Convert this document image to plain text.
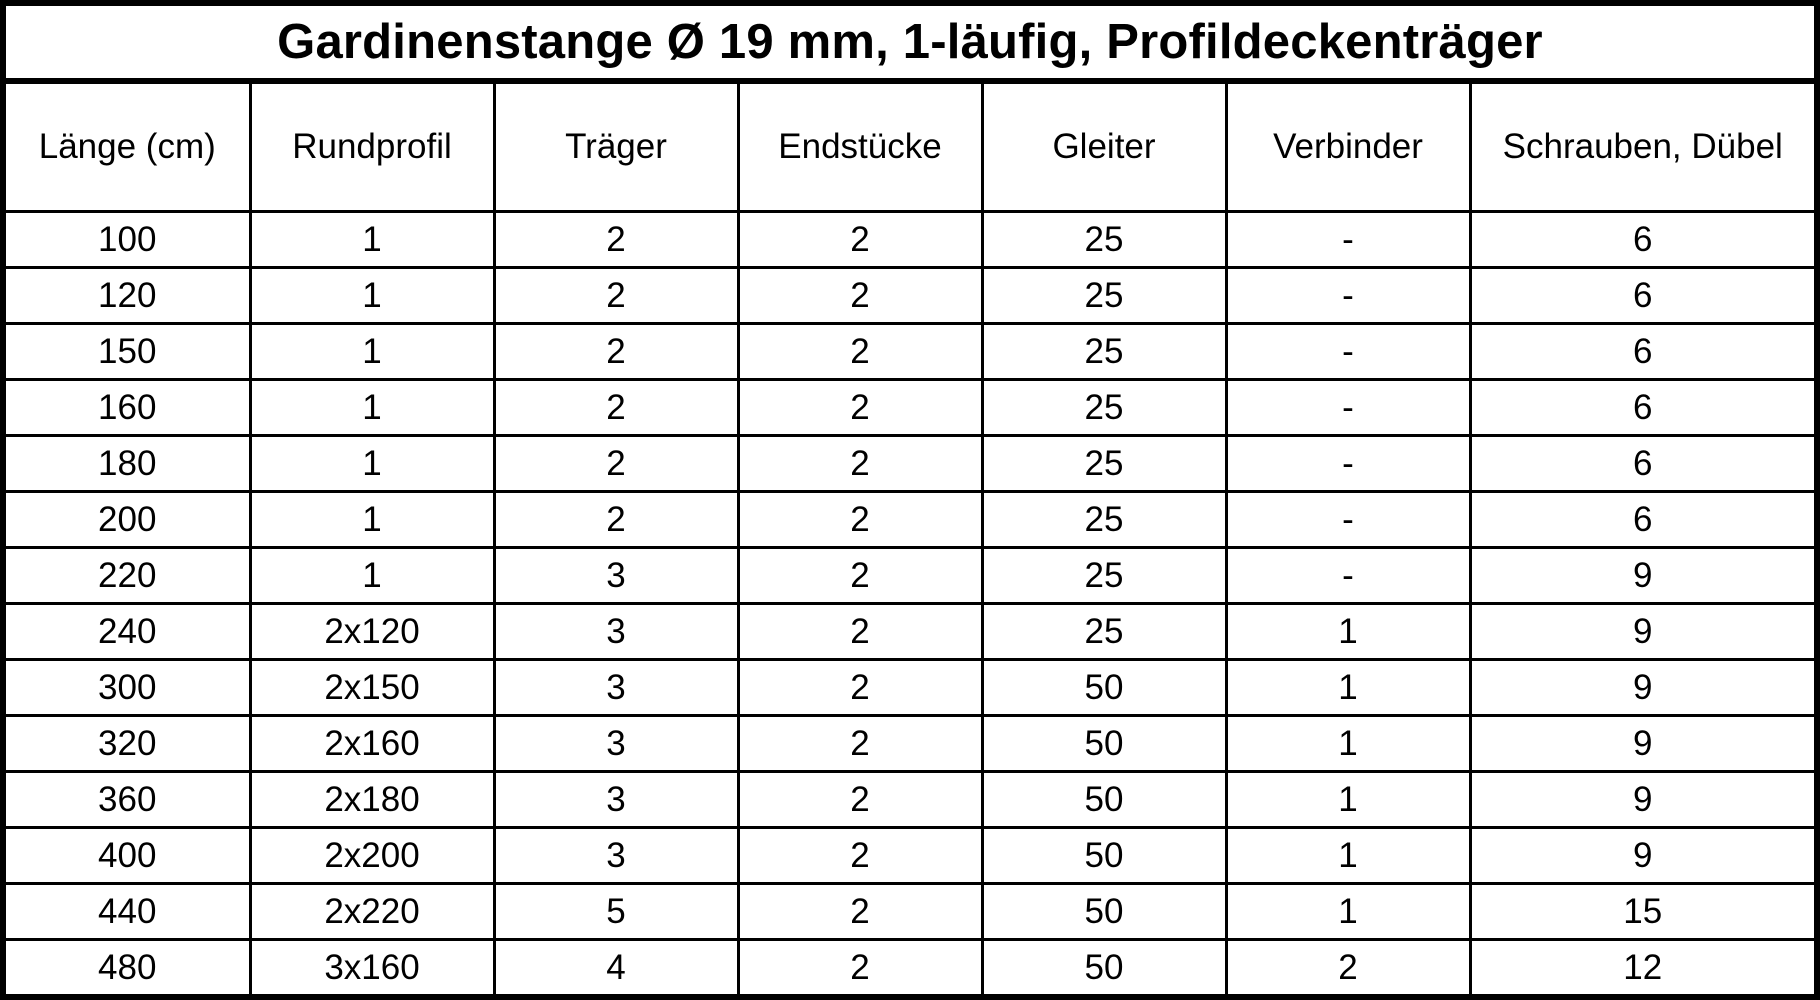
Gardinenstange Ø 19 mm, 1-läufig, Profildeckenträger
Länge (cm)	Rundprofil	Träger	Endstücke	Gleiter	Verbinder	Schrauben, Dübel
100	1	2	2	25	-	6
120	1	2	2	25	-	6
150	1	2	2	25	-	6
160	1	2	2	25	-	6
180	1	2	2	25	-	6
200	1	2	2	25	-	6
220	1	3	2	25	-	9
240	2x120	3	2	25	1	9
300	2x150	3	2	50	1	9
320	2x160	3	2	50	1	9
360	2x180	3	2	50	1	9
400	2x200	3	2	50	1	9
440	2x220	5	2	50	1	15
480	3x160	4	2	50	2	12
